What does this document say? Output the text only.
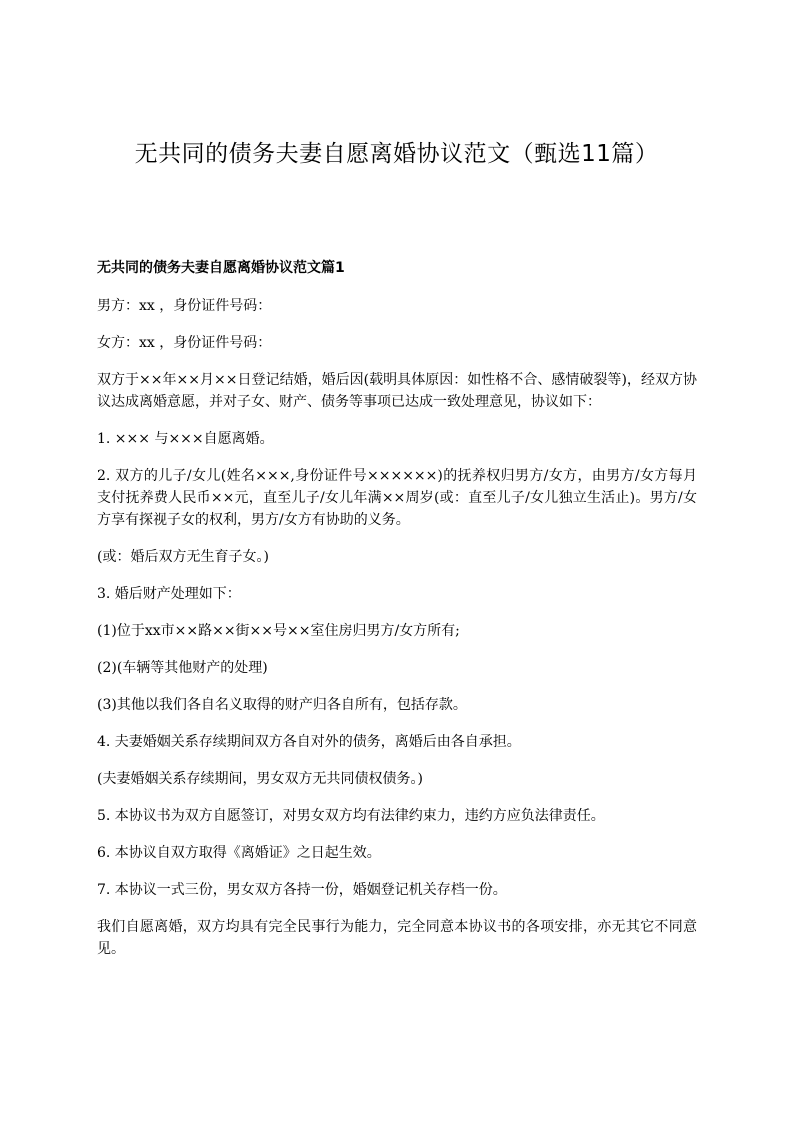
无共同的债务夫妻自愿离婚协议范文（甄选11篇）
无共同的债务夫妻自愿离婚协议范文篇1

男方：xx ，身份证件号码：

女方：xx ，身份证件号码：

双方于××年××月××日登记结婚，婚后因(载明具体原因：如性格不合、感情破裂等)，经双方协议达成离婚意愿，并对子女、财产、债务等事项已达成一致处理意见，协议如下：

1. ××× 与×××自愿离婚。

2. 双方的儿子/女儿(姓名×××,身份证件号××××××)的抚养权归男方/女方，由男方/女方每月支付抚养费人民币××元，直至儿子/女儿年满××周岁(或：直至儿子/女儿独立生活止)。男方/女方享有探视子女的权利，男方/女方有协助的义务。

(或：婚后双方无生育子女。)

3. 婚后财产处理如下：

(1)位于xx市××路××街××号××室住房归男方/女方所有;

(2)(车辆等其他财产的处理)

(3)其他以我们各自名义取得的财产归各自所有，包括存款。

4. 夫妻婚姻关系存续期间双方各自对外的债务，离婚后由各自承担。

(夫妻婚姻关系存续期间，男女双方无共同债权债务。)

5. 本协议书为双方自愿签订，对男女双方均有法律约束力，违约方应负法律责任。

6. 本协议自双方取得《离婚证》之日起生效。

7. 本协议一式三份，男女双方各持一份，婚姻登记机关存档一份。

我们自愿离婚，双方均具有完全民事行为能力，完全同意本协议书的各项安排，亦无其它不同意见。
